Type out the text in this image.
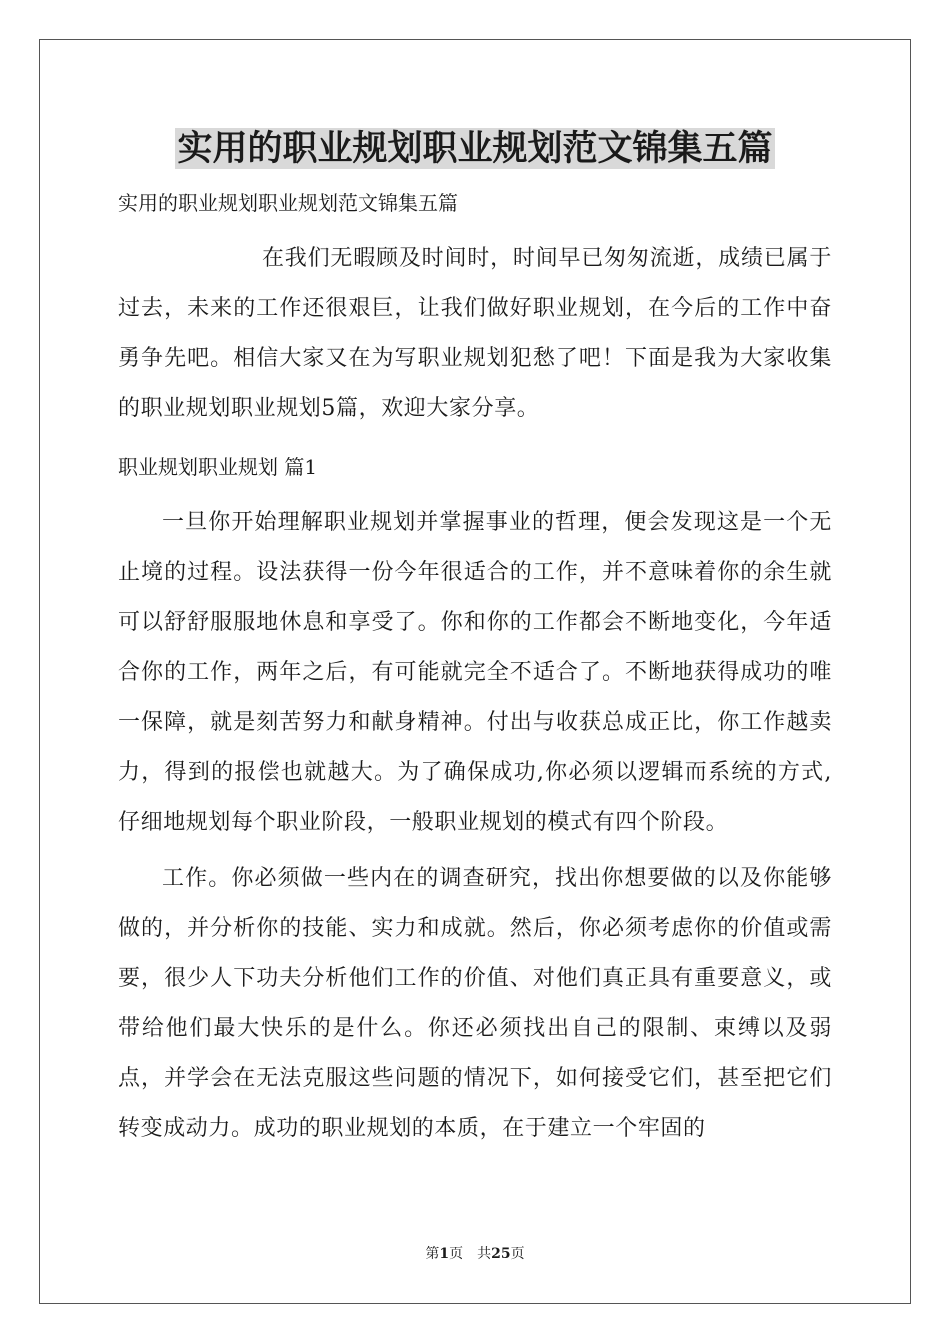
实用的职业规划职业规划范文锦集五篇

实用的职业规划职业规划范文锦集五篇

在我们无暇顾及时间时，时间早已匆匆流逝，成绩已属于过去，未来的工作还很艰巨，让我们做好职业规划，在今后的工作中奋勇争先吧。相信大家又在为写职业规划犯愁了吧！下面是我为大家收集的职业规划职业规划5篇，欢迎大家分享。

职业规划职业规划 篇1

一旦你开始理解职业规划并掌握事业的哲理，便会发现这是一个无止境的过程。设法获得一份今年很适合的工作，并不意味着你的余生就可以舒舒服服地休息和享受了。你和你的工作都会不断地变化，今年适合你的工作，两年之后，有可能就完全不适合了。不断地获得成功的唯一保障，就是刻苦努力和献身精神。付出与收获总成正比，你工作越卖力，得到的报偿也就越大。为了确保成功,你必须以逻辑而系统的方式,仔细地规划每个职业阶段，一般职业规划的模式有四个阶段。

工作。你必须做一些内在的调查研究，找出你想要做的以及你能够做的，并分析你的技能、实力和成就。然后，你必须考虑你的价值或需要，很少人下功夫分析他们工作的价值、对他们真正具有重要意义，或带给他们最大快乐的是什么。你还必须找出自己的限制、束缚以及弱点，并学会在无法克服这些问题的情况下，如何接受它们，甚至把它们转变成动力。成功的职业规划的本质，在于建立一个牢固的

第1页 共25页
